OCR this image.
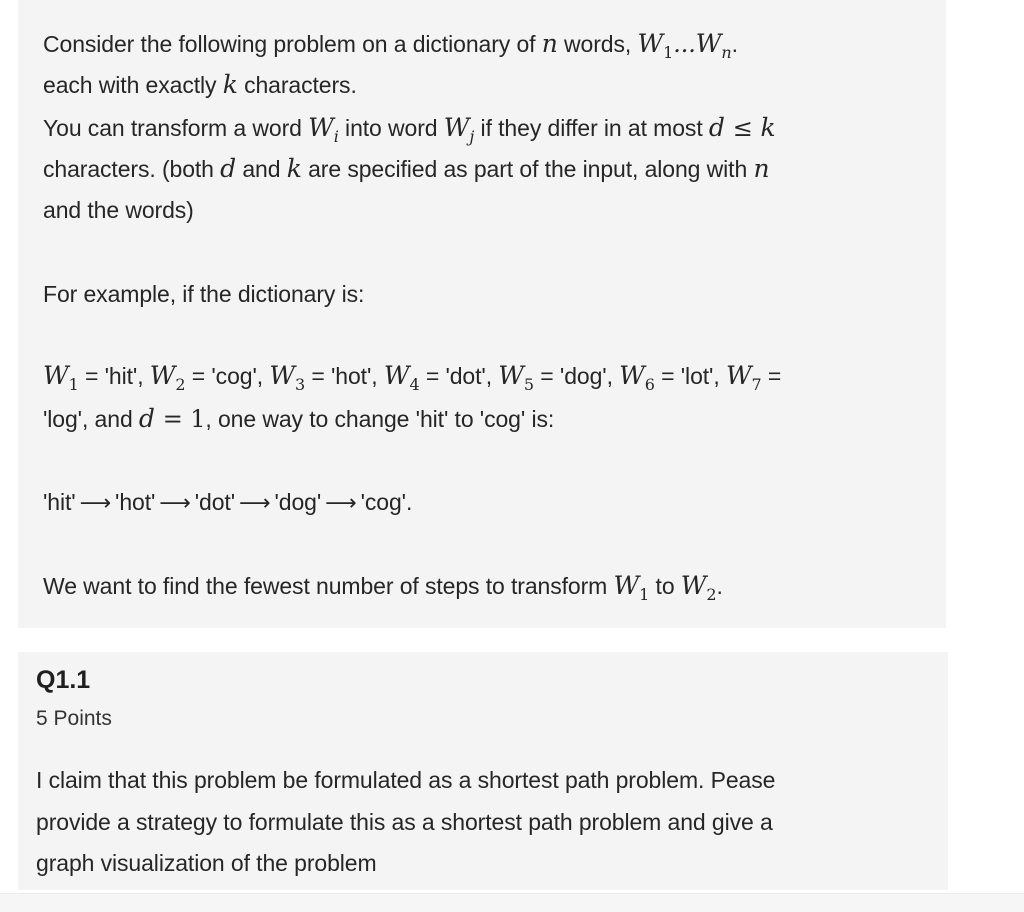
Consider the following problem on a dictionary of n words, $W_1...W_n$.
each with exactly k characters.
You can transform a word $W_i$ into word $W_j$ if they differ in at most d ≤ k
characters. (both d and k are specified as part of the input, along with n
and the words)
For example, if the dictionary is:
$W_1$ = 'hit', $W_2$ = 'cog', $W_3$ = 'hot', $W_4$ = 'dot', $W_5$ = 'dog', $W_6$ = 'lot', $W_7$ =
'log', and d = 1, one way to change 'hit' to 'cog' is:
'hit' ⟶ 'hot' ⟶ 'dot' ⟶ 'dog' ⟶ 'cog'.
We want to find the fewest number of steps to transform $W_1$ to $W_2$.
Q1.1
5 Points
I claim that this problem be formulated as a shortest path problem. Pease
provide a strategy to formulate this as a shortest path problem and give a
graph visualization of the problem
